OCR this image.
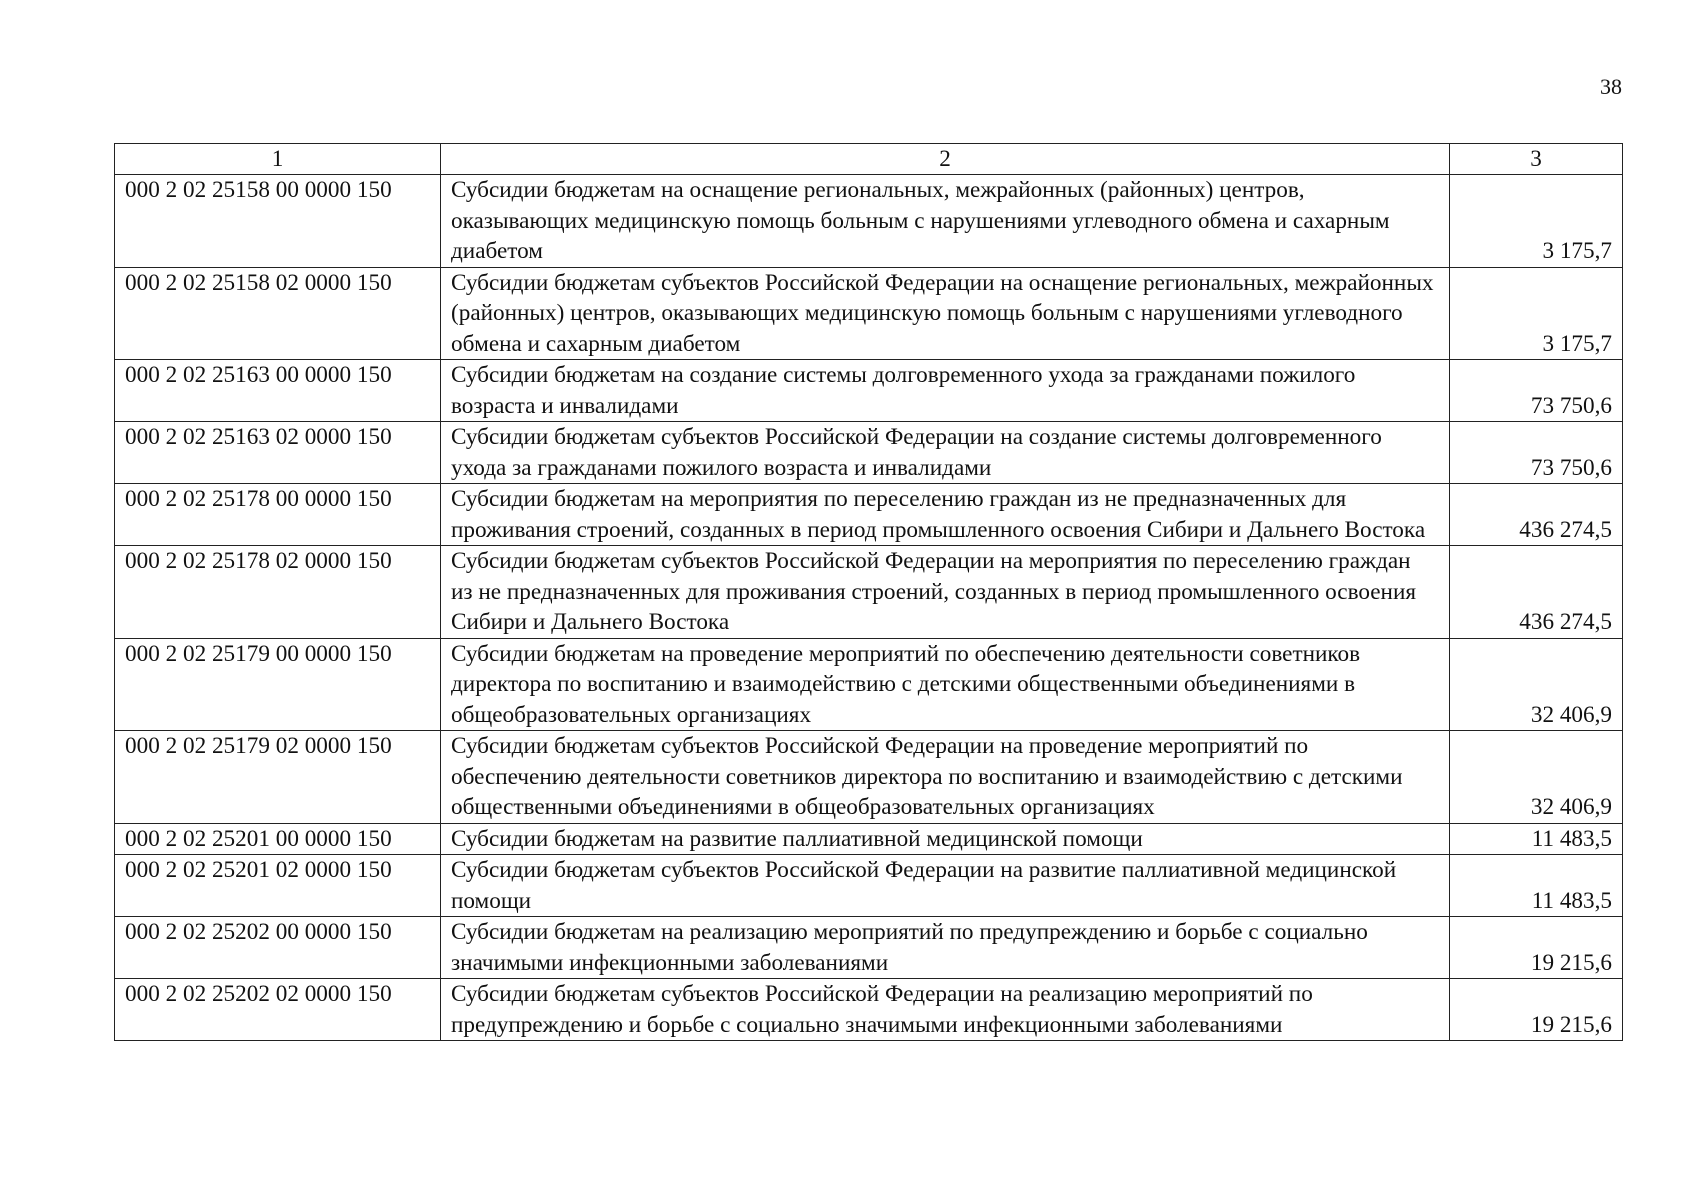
38
1	2	3
000 2 02 25158 00 0000 150	Субсидии бюджетам на оснащение региональных, межрайонных (районных) центров, оказывающих медицинскую помощь больным с нарушениями углеводного обмена и сахарным диабетом	3 175,7
000 2 02 25158 02 0000 150	Субсидии бюджетам субъектов Российской Федерации на оснащение региональных, межрайонных (районных) центров, оказывающих медицинскую помощь больным с нарушениями углеводного обмена и сахарным диабетом	3 175,7
000 2 02 25163 00 0000 150	Субсидии бюджетам на создание системы долговременного ухода за гражданами пожилого возраста и инвалидами	73 750,6
000 2 02 25163 02 0000 150	Субсидии бюджетам субъектов Российской Федерации на создание системы долговременного ухода за гражданами пожилого возраста и инвалидами	73 750,6
000 2 02 25178 00 0000 150	Субсидии бюджетам на мероприятия по переселению граждан из не предназначенных для проживания строений, созданных в период промышленного освоения Сибири и Дальнего Востока	436 274,5
000 2 02 25178 02 0000 150	Субсидии бюджетам субъектов Российской Федерации на мероприятия по переселению граждан из не предназначенных для проживания строений, созданных в период промышленного освоения Сибири и Дальнего Востока	436 274,5
000 2 02 25179 00 0000 150	Субсидии бюджетам на проведение мероприятий по обеспечению деятельности советников директора по воспитанию и взаимодействию с детскими общественными объединениями в общеобразовательных организациях	32 406,9
000 2 02 25179 02 0000 150	Субсидии бюджетам субъектов Российской Федерации на проведение мероприятий по обеспечению деятельности советников директора по воспитанию и взаимодействию с детскими общественными объединениями в общеобразовательных организациях	32 406,9
000 2 02 25201 00 0000 150	Субсидии бюджетам на развитие паллиативной медицинской помощи	11 483,5
000 2 02 25201 02 0000 150	Субсидии бюджетам субъектов Российской Федерации на развитие паллиативной медицинской помощи	11 483,5
000 2 02 25202 00 0000 150	Субсидии бюджетам на реализацию мероприятий по предупреждению и борьбе с социально значимыми инфекционными заболеваниями	19 215,6
000 2 02 25202 02 0000 150	Субсидии бюджетам субъектов Российской Федерации на реализацию мероприятий по предупреждению и борьбе с социально значимыми инфекционными заболеваниями	19 215,6
